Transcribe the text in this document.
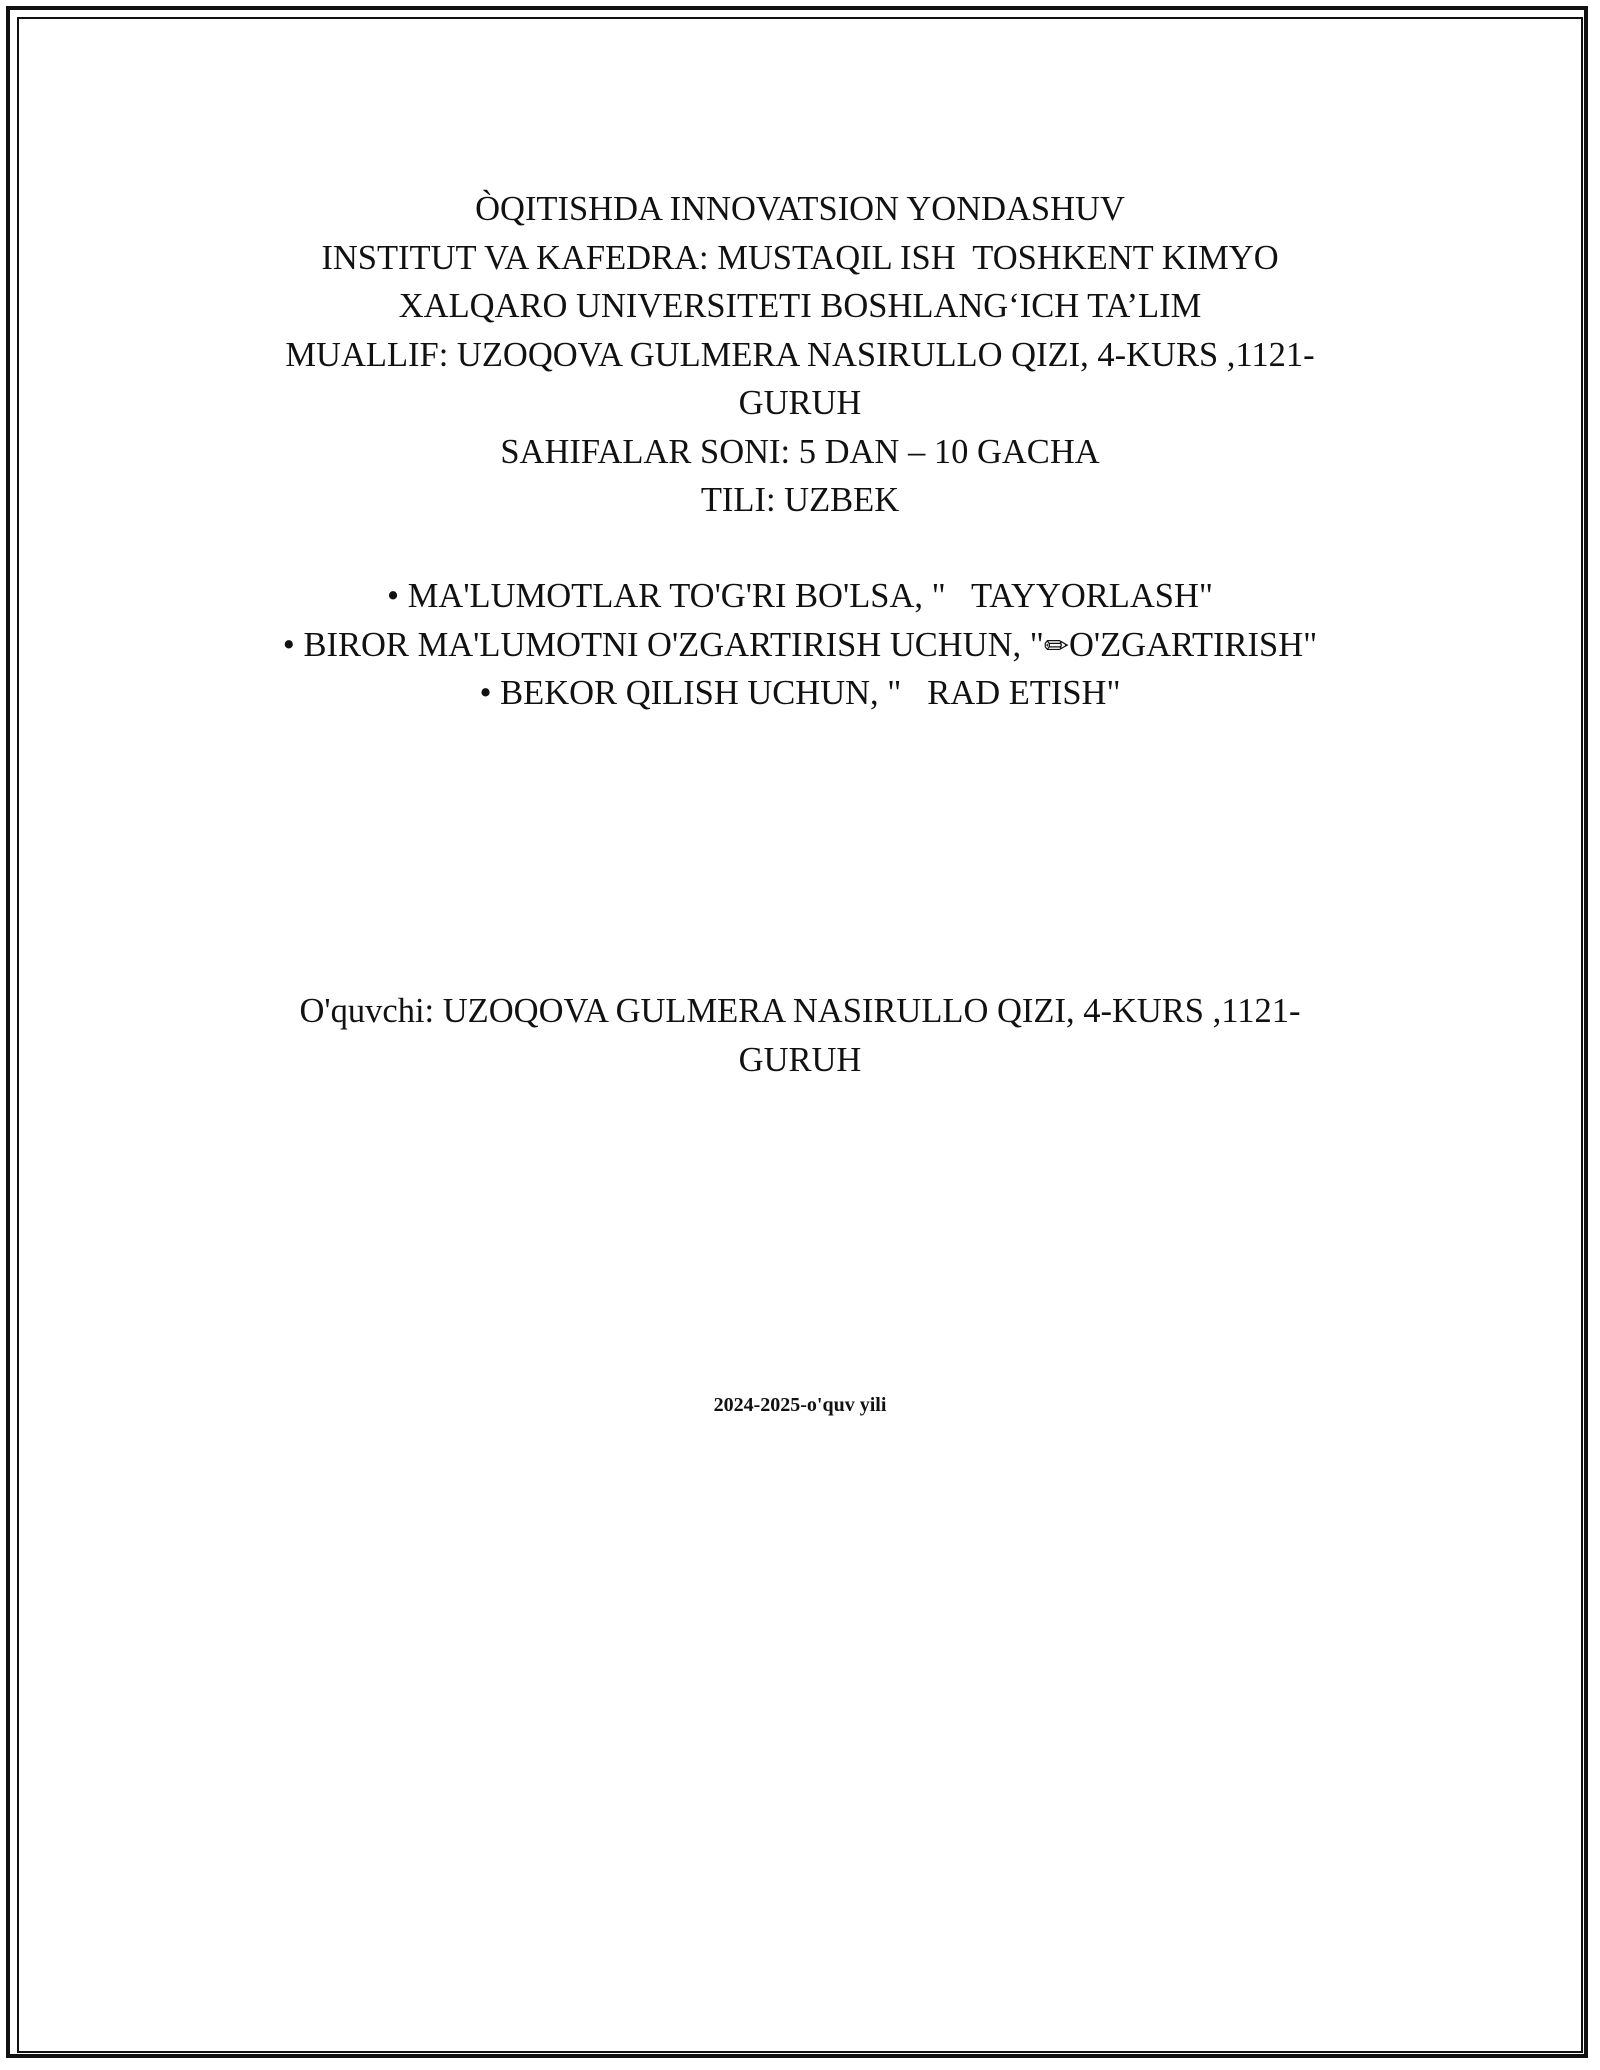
ÒQITISHDA INNOVATSION YONDASHUV
INSTITUT VA KAFEDRA: MUSTAQIL ISH  TOSHKENT KIMYO
XALQARO UNIVERSITETI BOSHLANG‘ICH TA’LIM
MUALLIF: UZOQOVA GULMERA NASIRULLO QIZI, 4-KURS ,1121-
GURUH
SAHIFALAR SONI: 5 DAN – 10 GACHA
TILI: UZBEK
• MA'LUMOTLAR TO'G'RI BO'LSA, "   TAYYORLASH"
• BIROR MA'LUMOTNI O'ZGARTIRISH UCHUN, "✏O'ZGARTIRISH"
• BEKOR QILISH UCHUN, "   RAD ETISH"
O'quvchi: UZOQOVA GULMERA NASIRULLO QIZI, 4-KURS ,1121-
GURUH
2024-2025-o'quv yili
